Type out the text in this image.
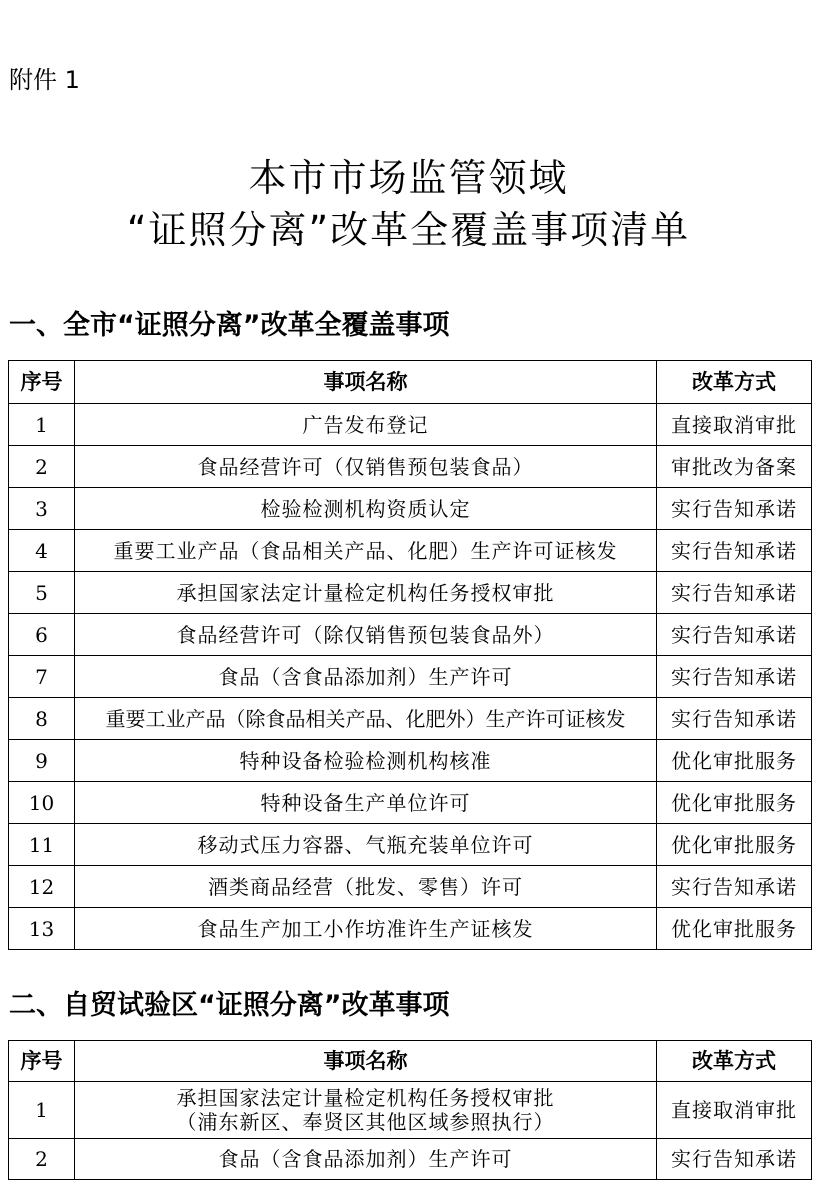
附件 1
本市市场监管领域
“证照分离”改革全覆盖事项清单
一、全市“证照分离”改革全覆盖事项
序号	事项名称	改革方式
1	广告发布登记	直接取消审批
2	食品经营许可（仅销售预包装食品）	审批改为备案
3	检验检测机构资质认定	实行告知承诺
4	重要工业产品（食品相关产品、化肥）生产许可证核发	实行告知承诺
5	承担国家法定计量检定机构任务授权审批	实行告知承诺
6	食品经营许可（除仅销售预包装食品外）	实行告知承诺
7	食品（含食品添加剂）生产许可	实行告知承诺
8	重要工业产品（除食品相关产品、化肥外）生产许可证核发	实行告知承诺
9	特种设备检验检测机构核准	优化审批服务
10	特种设备生产单位许可	优化审批服务
11	移动式压力容器、气瓶充装单位许可	优化审批服务
12	酒类商品经营（批发、零售）许可	实行告知承诺
13	食品生产加工小作坊准许生产证核发	优化审批服务
二、自贸试验区“证照分离”改革事项
序号	事项名称	改革方式
1	承担国家法定计量检定机构任务授权审批
（浦东新区、奉贤区其他区域参照执行）	直接取消审批
2	食品（含食品添加剂）生产许可	实行告知承诺
